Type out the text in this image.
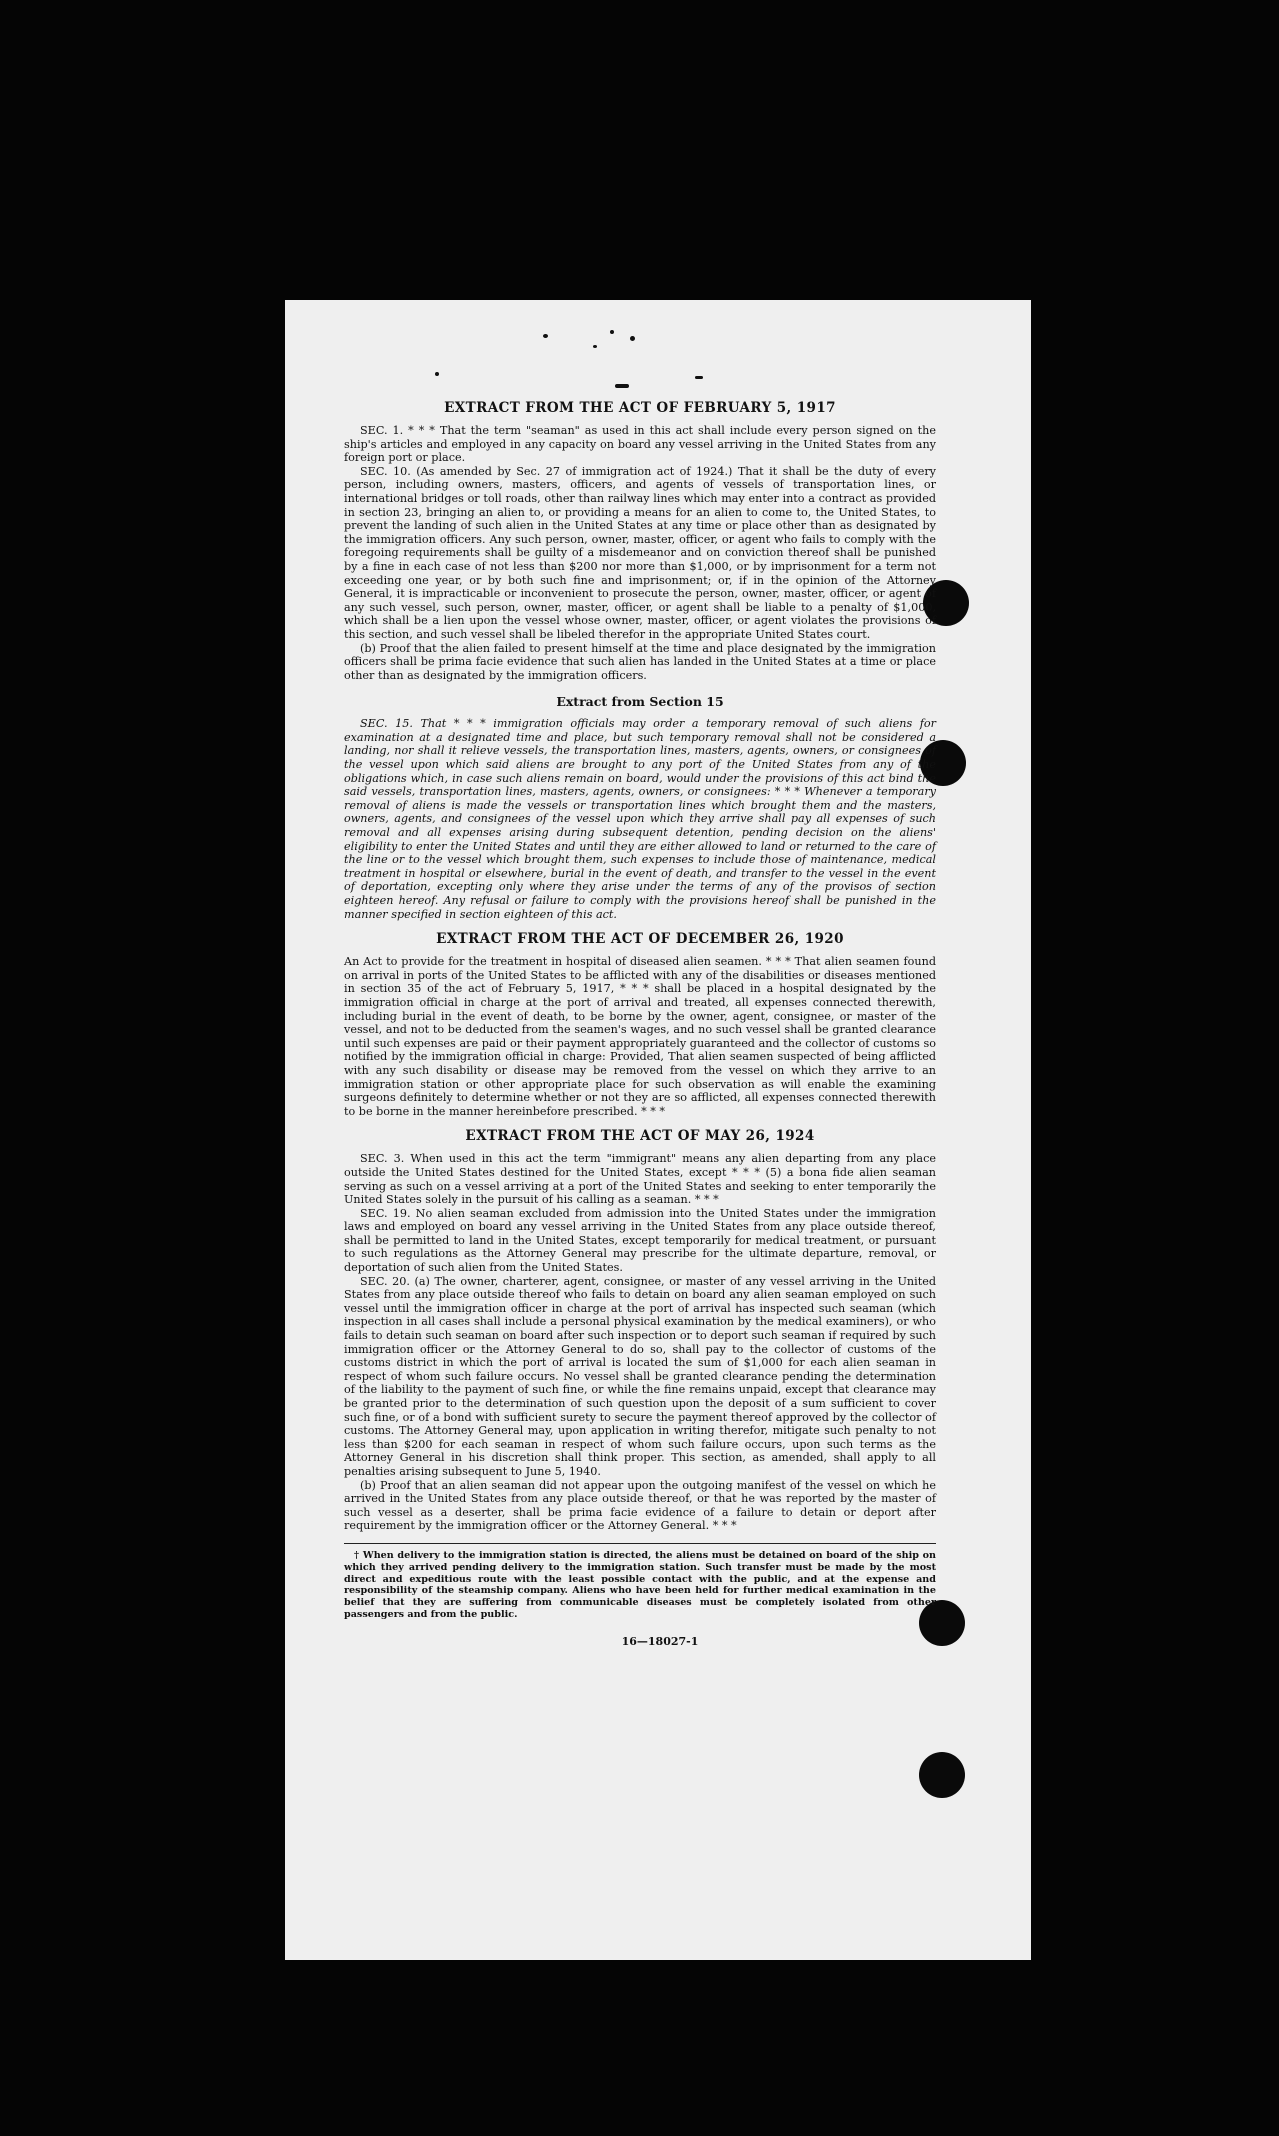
EXTRACT FROM THE ACT OF FEBRUARY 5, 1917

SEC. 1. * * * That the term "seaman" as used in this act shall include every person signed on the ship's articles and employed in any capacity on board any vessel arriving in the United States from any foreign port or place.

SEC. 10. (As amended by Sec. 27 of immigration act of 1924.) That it shall be the duty of every person, including owners, masters, officers, and agents of vessels of transportation lines, or international bridges or toll roads, other than railway lines which may enter into a contract as provided in section 23, bringing an alien to, or providing a means for an alien to come to, the United States, to prevent the landing of such alien in the United States at any time or place other than as designated by the immigration officers. Any such person, owner, master, officer, or agent who fails to comply with the foregoing requirements shall be guilty of a misdemeanor and on conviction thereof shall be punished by a fine in each case of not less than $200 nor more than $1,000, or by imprisonment for a term not exceeding one year, or by both such fine and imprisonment; or, if in the opinion of the Attorney General, it is impracticable or inconvenient to prosecute the person, owner, master, officer, or agent of any such vessel, such person, owner, master, officer, or agent shall be liable to a penalty of $1,000, which shall be a lien upon the vessel whose owner, master, officer, or agent violates the provisions of this section, and such vessel shall be libeled therefor in the appropriate United States court.

(b) Proof that the alien failed to present himself at the time and place designated by the immigration officers shall be prima facie evidence that such alien has landed in the United States at a time or place other than as designated by the immigration officers.

Extract from Section 15

SEC. 15. That * * * immigration officials may order a temporary removal of such aliens for examination at a designated time and place, but such temporary removal shall not be considered a landing, nor shall it relieve vessels, the transportation lines, masters, agents, owners, or consignees of the vessel upon which said aliens are brought to any port of the United States from any of the obligations which, in case such aliens remain on board, would under the provisions of this act bind the said vessels, transportation lines, masters, agents, owners, or consignees: * * * Whenever a temporary removal of aliens is made the vessels or transportation lines which brought them and the masters, owners, agents, and consignees of the vessel upon which they arrive shall pay all expenses of such removal and all expenses arising during subsequent detention, pending decision on the aliens' eligibility to enter the United States and until they are either allowed to land or returned to the care of the line or to the vessel which brought them, such expenses to include those of maintenance, medical treatment in hospital or elsewhere, burial in the event of death, and transfer to the vessel in the event of deportation, excepting only where they arise under the terms of any of the provisos of section eighteen hereof. Any refusal or failure to comply with the provisions hereof shall be punished in the manner specified in section eighteen of this act.

EXTRACT FROM THE ACT OF DECEMBER 26, 1920

An Act to provide for the treatment in hospital of diseased alien seamen. * * * That alien seamen found on arrival in ports of the United States to be afflicted with any of the disabilities or diseases mentioned in section 35 of the act of February 5, 1917, * * * shall be placed in a hospital designated by the immigration official in charge at the port of arrival and treated, all expenses connected therewith, including burial in the event of death, to be borne by the owner, agent, consignee, or master of the vessel, and not to be deducted from the seamen's wages, and no such vessel shall be granted clearance until such expenses are paid or their payment appropriately guaranteed and the collector of customs so notified by the immigration official in charge: Provided, That alien seamen suspected of being afflicted with any such disability or disease may be removed from the vessel on which they arrive to an immigration station or other appropriate place for such observation as will enable the examining surgeons definitely to determine whether or not they are so afflicted, all expenses connected therewith to be borne in the manner hereinbefore prescribed. * * *

EXTRACT FROM THE ACT OF MAY 26, 1924

SEC. 3. When used in this act the term "immigrant" means any alien departing from any place outside the United States destined for the United States, except * * * (5) a bona fide alien seaman serving as such on a vessel arriving at a port of the United States and seeking to enter temporarily the United States solely in the pursuit of his calling as a seaman. * * *

SEC. 19. No alien seaman excluded from admission into the United States under the immigration laws and employed on board any vessel arriving in the United States from any place outside thereof, shall be permitted to land in the United States, except temporarily for medical treatment, or pursuant to such regulations as the Attorney General may prescribe for the ultimate departure, removal, or deportation of such alien from the United States.

SEC. 20. (a) The owner, charterer, agent, consignee, or master of any vessel arriving in the United States from any place outside thereof who fails to detain on board any alien seaman employed on such vessel until the immigration officer in charge at the port of arrival has inspected such seaman (which inspection in all cases shall include a personal physical examination by the medical examiners), or who fails to detain such seaman on board after such inspection or to deport such seaman if required by such immigration officer or the Attorney General to do so, shall pay to the collector of customs of the customs district in which the port of arrival is located the sum of $1,000 for each alien seaman in respect of whom such failure occurs. No vessel shall be granted clearance pending the determination of the liability to the payment of such fine, or while the fine remains unpaid, except that clearance may be granted prior to the determination of such question upon the deposit of a sum sufficient to cover such fine, or of a bond with sufficient surety to secure the payment thereof approved by the collector of customs. The Attorney General may, upon application in writing therefor, mitigate such penalty to not less than $200 for each seaman in respect of whom such failure occurs, upon such terms as the Attorney General in his discretion shall think proper. This section, as amended, shall apply to all penalties arising subsequent to June 5, 1940.

(b) Proof that an alien seaman did not appear upon the outgoing manifest of the vessel on which he arrived in the United States from any place outside thereof, or that he was reported by the master of such vessel as a deserter, shall be prima facie evidence of a failure to detain or deport after requirement by the immigration officer or the Attorney General. * * *

† When delivery to the immigration station is directed, the aliens must be detained on board of the ship on which they arrived pending delivery to the immigration station. Such transfer must be made by the most direct and expeditious route with the least possible contact with the public, and at the expense and responsibility of the steamship company. Aliens who have been held for further medical examination in the belief that they are suffering from communicable diseases must be completely isolated from other passengers and from the public.

16—18027-1
